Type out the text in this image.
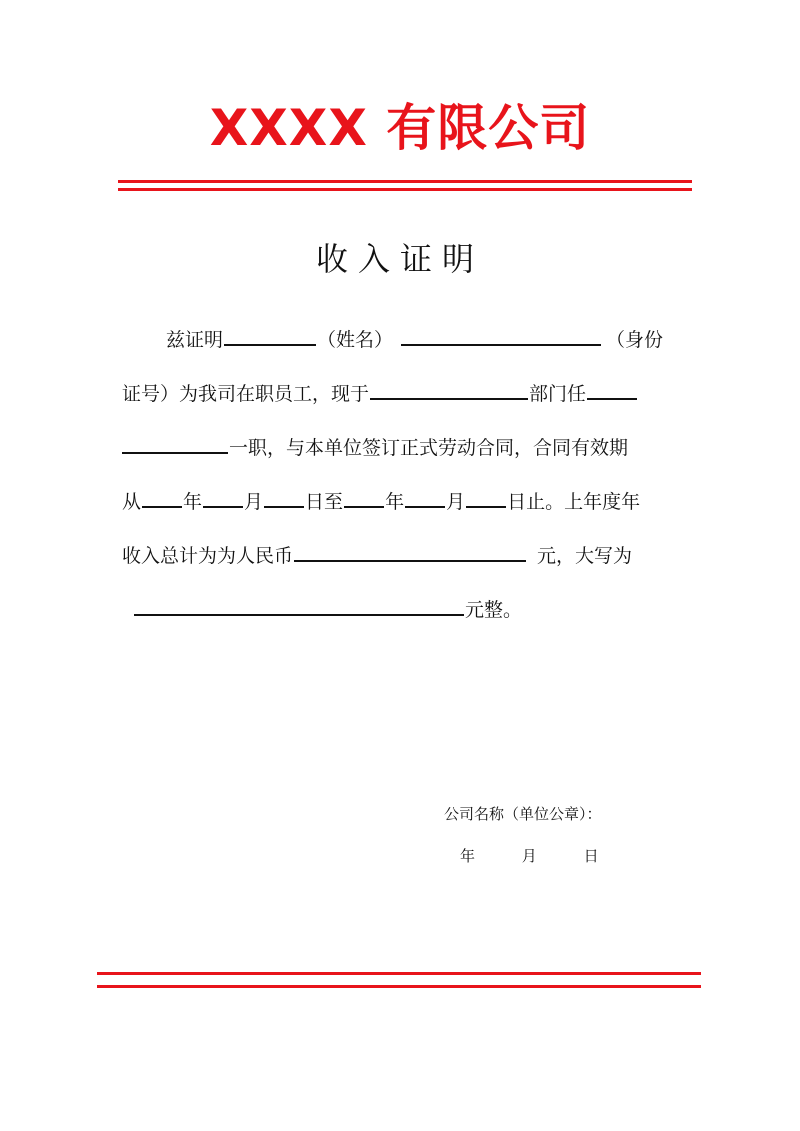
XXXX 有限公司
收入证明
兹证明	（姓名）	（身份
证号）为我司在职员工，现于	部门任
一职，与本单位签订正式劳动合同，合同有效期
从 年 月 日至 年 月 日止。上年度年
收入总计为为人民币	元，大写为
元整。
公司名称（单位公章）：
年	月	日
